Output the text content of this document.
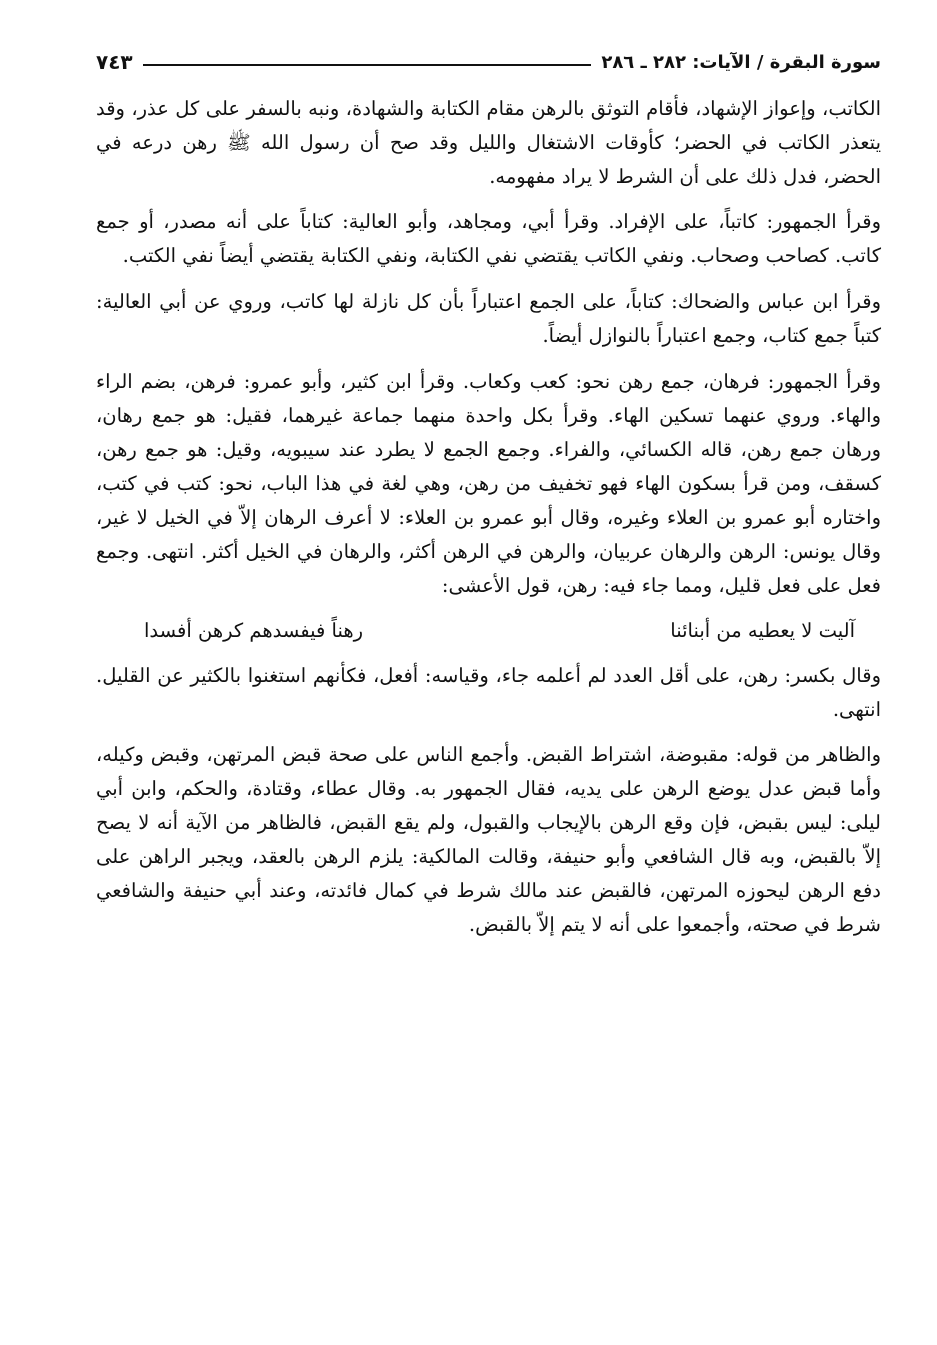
سورة البقرة / الآيات: ٢٨٢ ـ ٢٨٦
٧٤٣

الكاتب، وإعواز الإشهاد، فأقام التوثق بالرهن مقام الكتابة والشهادة، ونبه بالسفر على كل عذر، وقد يتعذر الكاتب في الحضر؛ كأوقات الاشتغال والليل وقد صح أن رسول الله ﷺ رهن درعه في الحضر، فدل ذلك على أن الشرط لا يراد مفهومه.

وقرأ الجمهور: كاتباً، على الإفراد. وقرأ أبي، ومجاهد، وأبو العالية: كتاباً على أنه مصدر، أو جمع كاتب. كصاحب وصحاب. ونفي الكاتب يقتضي نفي الكتابة، ونفي الكتابة يقتضي أيضاً نفي الكتب.

وقرأ ابن عباس والضحاك: كتاباً، على الجمع اعتباراً بأن كل نازلة لها كاتب، وروي عن أبي العالية: كتباً جمع كتاب، وجمع اعتباراً بالنوازل أيضاً.

وقرأ الجمهور: فرهان، جمع رهن نحو: كعب وكعاب. وقرأ ابن كثير، وأبو عمرو: فرهن، بضم الراء والهاء. وروي عنهما تسكين الهاء. وقرأ بكل واحدة منهما جماعة غيرهما، فقيل: هو جمع رهان، ورهان جمع رهن، قاله الكسائي، والفراء. وجمع الجمع لا يطرد عند سيبويه، وقيل: هو جمع رهن، كسقف، ومن قرأ بسكون الهاء فهو تخفيف من رهن، وهي لغة في هذا الباب، نحو: كتب في كتب، واختاره أبو عمرو بن العلاء وغيره، وقال أبو عمرو بن العلاء: لا أعرف الرهان إلاّ في الخيل لا غير، وقال يونس: الرهن والرهان عربيان، والرهن في الرهن أكثر، والرهان في الخيل أكثر. انتهى. وجمع فعل على فعل قليل، ومما جاء فيه: رهن، قول الأعشى:

آليت لا يعطيه من أبنائنا
رهناً فيفسدهم كرهن أفسدا

وقال بكسر: رهن، على أقل العدد لم أعلمه جاء، وقياسه: أفعل، فكأنهم استغنوا بالكثير عن القليل. انتهى.

والظاهر من قوله: مقبوضة، اشتراط القبض. وأجمع الناس على صحة قبض المرتهن، وقبض وكيله، وأما قبض عدل يوضع الرهن على يديه، فقال الجمهور به. وقال عطاء، وقتادة، والحكم، وابن أبي ليلى: ليس بقبض، فإن وقع الرهن بالإيجاب والقبول، ولم يقع القبض، فالظاهر من الآية أنه لا يصح إلاّ بالقبض، وبه قال الشافعي وأبو حنيفة، وقالت المالكية: يلزم الرهن بالعقد، ويجبر الراهن على دفع الرهن ليحوزه المرتهن، فالقبض عند مالك شرط في كمال فائدته، وعند أبي حنيفة والشافعي شرط في صحته، وأجمعوا على أنه لا يتم إلاّ بالقبض.
